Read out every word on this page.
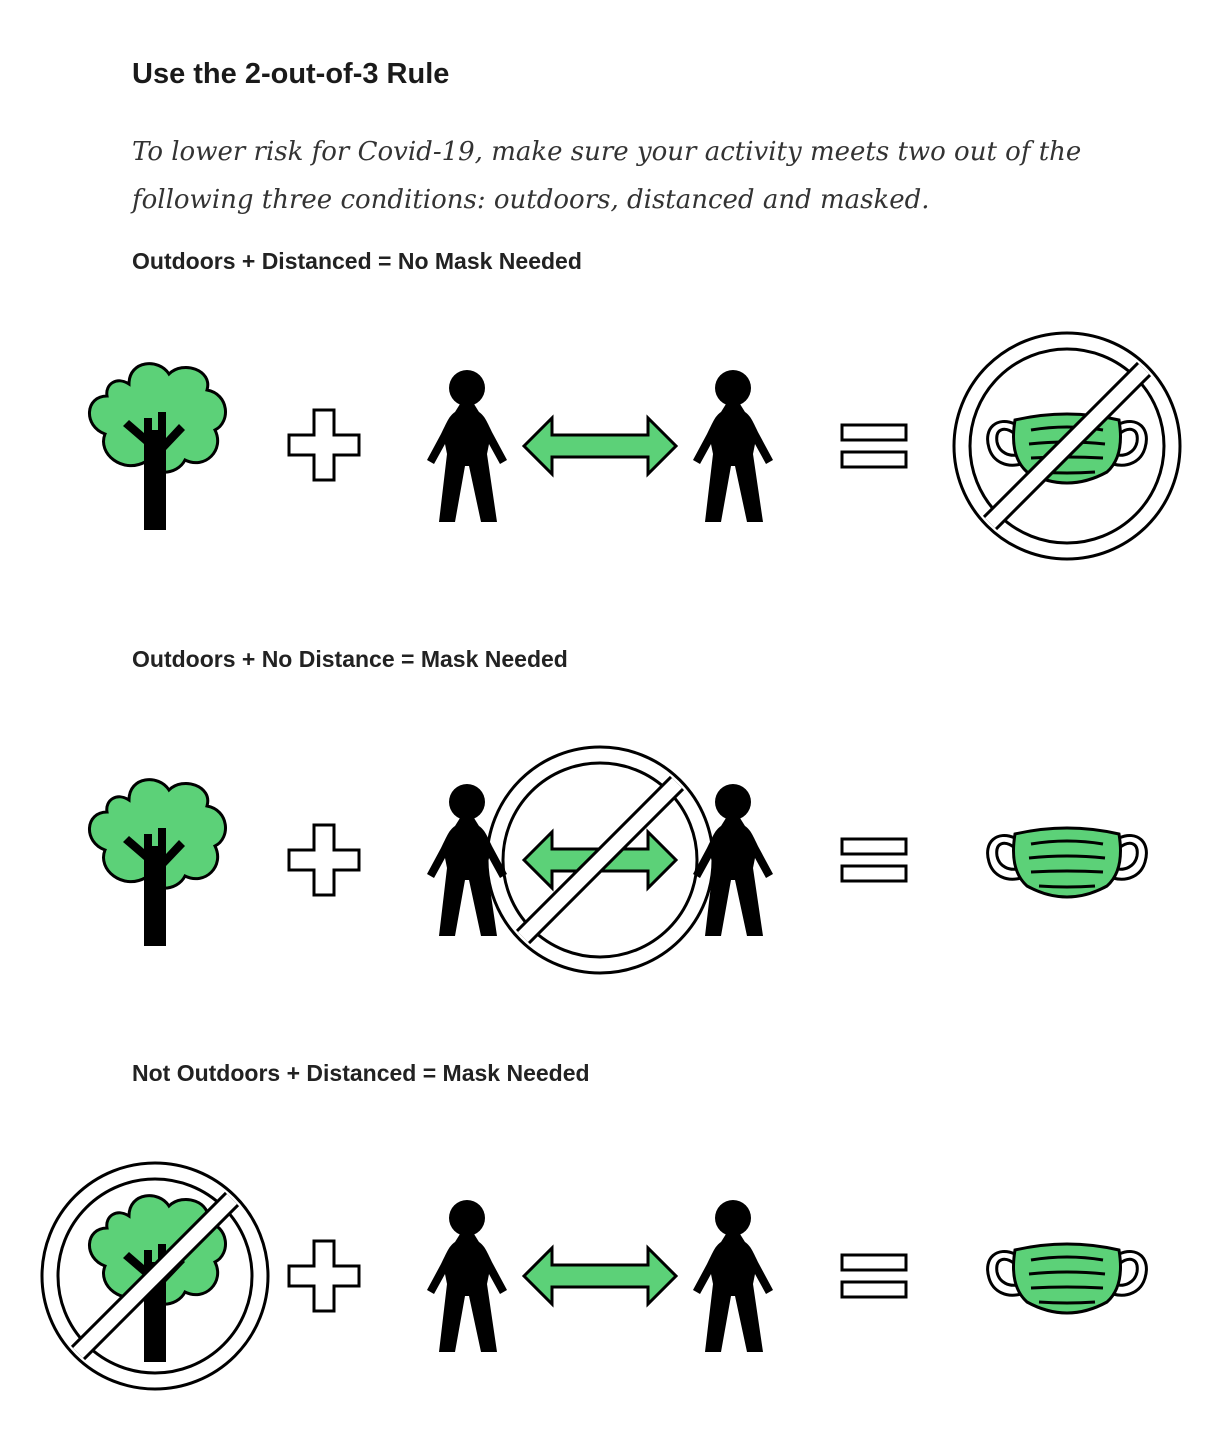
Use the 2-out-of-3 Rule

To lower risk for Covid-19, make sure your activity meets two out of the following three conditions: outdoors, distanced and masked.

Outdoors + Distanced = No Mask Needed
Outdoors + No Distance = Mask Needed
Not Outdoors + Distanced = Mask Needed
